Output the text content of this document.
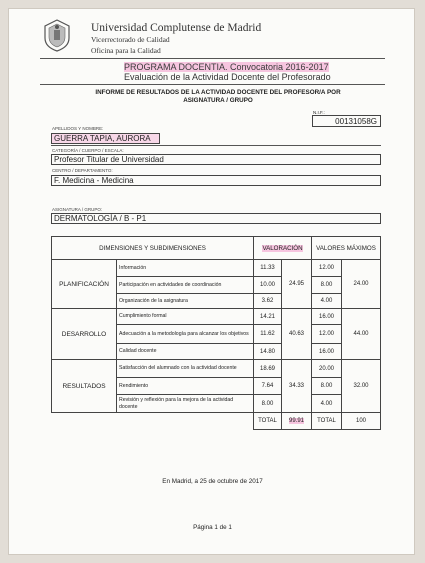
Universidad Complutense de Madrid
Vicerrectorado de Calidad
Oficina para la Calidad
PROGRAMA DOCENTIA. Convocatoria 2016-2017
Evaluación de la Actividad Docente del Profesorado
INFORME DE RESULTADOS DE LA ACTIVIDAD DOCENTE DEL PROFESOR/A POR ASIGNATURA / GRUPO
N.I.F.:
00131058G
APELLIDOS Y NOMBRE:
GUERRA TAPIA, AURORA
CATEGORÍA / CUERPO / ESCALA:
Profesor Titular de Universidad
CENTRO / DEPARTAMENTO:
F. Medicina - Medicina
ASIGNATURA / GRUPO:
DERMATOLOGÍA / B - P1
DIMENSIONES Y SUBDIMENSIONES		VALORACIÓN		VALORES MÁXIMOS	
PLANIFICACIÓN	Información	11.33	24.95	12.00	24.00
	Participación en actividades de coordinación	10.00		8.00	
	Organización de la asignatura	3.62		4.00	
DESARROLLO	Cumplimiento formal	14.21	40.63	16.00	44.00
	Adecuación a la metodología para alcanzar los objetivos	11.62		12.00	
	Calidad docente	14.80		16.00	
RESULTADOS	Satisfacción del alumnado con la actividad docente	18.69	34.33	20.00	32.00
	Rendimiento	7.64		8.00	
	Revisión y reflexión para la mejora de la actividad docente	8.00		4.00	
		TOTAL	99.91	TOTAL	100
En Madrid, a 25 de octubre de 2017
Página 1 de 1
